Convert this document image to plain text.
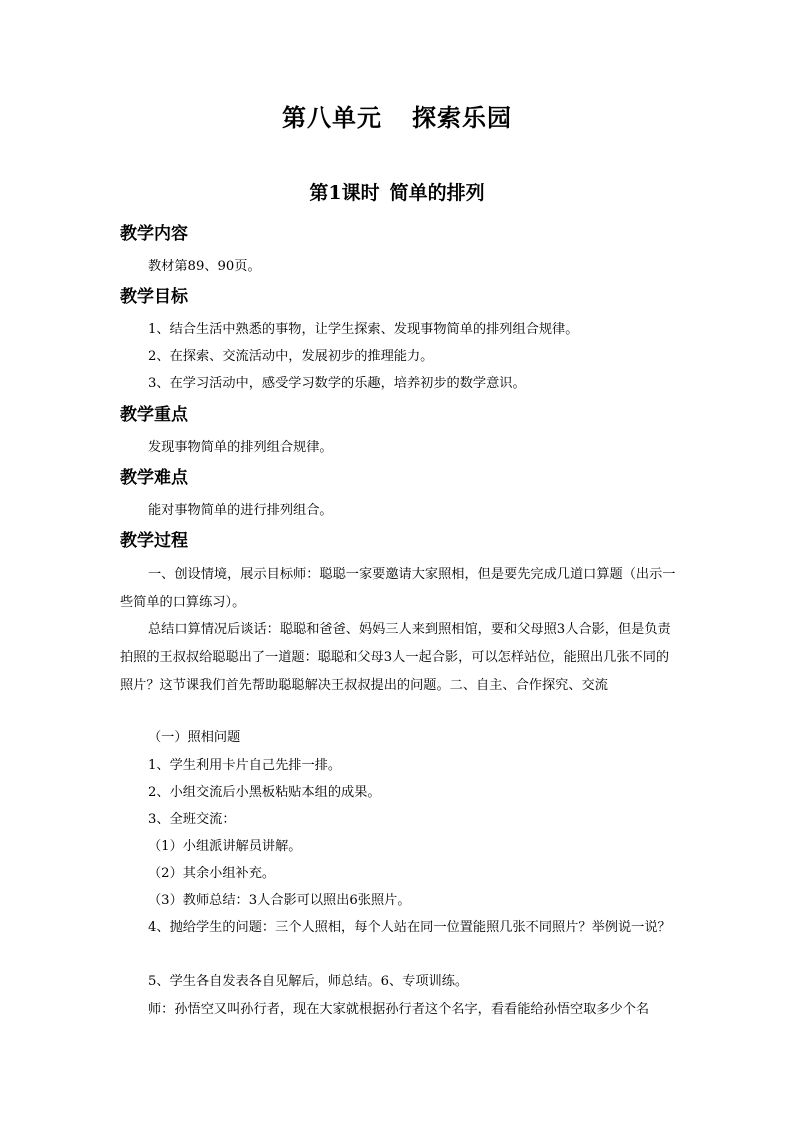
第八单元 探索乐园
第1课时 简单的排列
教学内容
教材第89、90页。
教学目标
1、结合生活中熟悉的事物，让学生探索、发现事物简单的排列组合规律。
2、在探索、交流活动中，发展初步的推理能力。
3、在学习活动中，感受学习数学的乐趣，培养初步的数学意识。
教学重点
发现事物简单的排列组合规律。
教学难点
能对事物简单的进行排列组合。
教学过程
一、创设情境，展示目标师：聪聪一家要邀请大家照相，但是要先完成几道口算题（出示一些简单的口算练习）。
总结口算情况后谈话：聪聪和爸爸、妈妈三人来到照相馆，要和父母照3人合影，但是负责拍照的王叔叔给聪聪出了一道题：聪聪和父母3人一起合影，可以怎样站位，能照出几张不同的照片？这节课我们首先帮助聪聪解决王叔叔提出的问题。二、自主、合作探究、交流
（一）照相问题
1、学生利用卡片自己先排一排。
2、小组交流后小黑板粘贴本组的成果。
3、全班交流：
（1）小组派讲解员讲解。
（2）其余小组补充。
（3）教师总结：3人合影可以照出6张照片。
4、抛给学生的问题：三个人照相，每个人站在同一位置能照几张不同照片？举例说一说？
5、学生各自发表各自见解后，师总结。6、专项训练。
师：孙悟空又叫孙行者，现在大家就根据孙行者这个名字，看看能给孙悟空取多少个名
